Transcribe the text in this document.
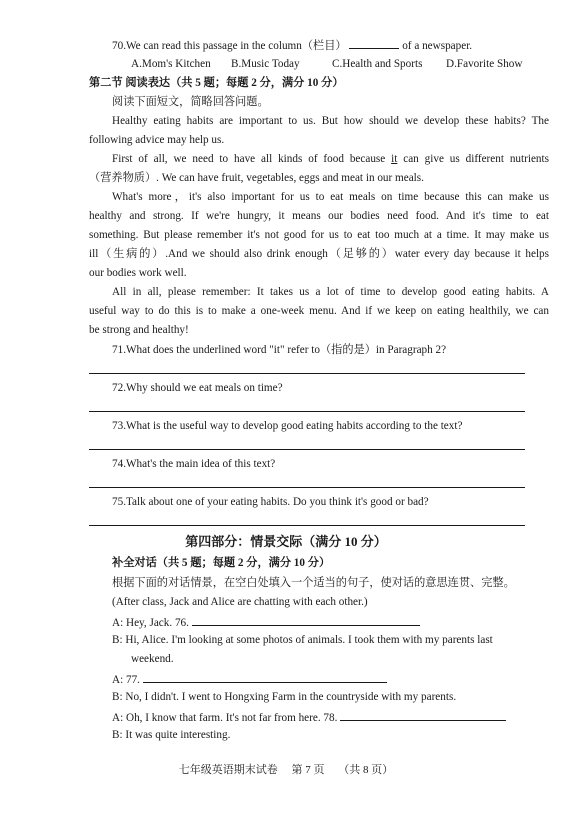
70.We can read this passage in the column（栏目）	of a newspaper.
A.Mom's Kitchen B.Music Today	C.Health and Sports D.Favorite Show
第二节 阅读表达（共 5 题；每题 2 分，满分 10 分）
阅读下面短文，简略回答问题。
Healthy eating habits are important to us. But how should we develop these habits? The
following advice may help us.
First of all, we need to have all kinds of food because it can give us different nutrients
（营养物质）. We can have fruit, vegetables, eggs and meat in our meals.
What's more，it's also important for us to eat meals on time because this can make us
healthy and strong. If we're hungry, it means our bodies need food. And it's time to eat
something. But please remember it's not good for us to eat too much at a time. It may make us
ill（生病的）.And we should also drink enough（足够的）water every day because it helps
our bodies work well.
All in all, please remember: It takes us a lot of time to develop good eating habits. A
useful way to do this is to make a one-week menu. And if we keep on eating healthily, we can
be strong and healthy!
71.What does the underlined word "it" refer to（指的是）in Paragraph 2?
72.Why should we eat meals on time?
73.What is the useful way to develop good eating habits according to the text?
74.What's the main idea of this text?
75.Talk about one of your eating habits. Do you think it's good or bad?
第四部分：情景交际（满分 10 分）
补全对话（共 5 题；每题 2 分，满分 10 分）
根据下面的对话情景，在空白处填入一个适当的句子，使对话的意思连贯、完整。
(After class, Jack and Alice are chatting with each other.)
A: Hey, Jack. 76.
B: Hi, Alice. I'm looking at some photos of animals. I took them with my parents last
weekend.
A: 77.
B: No, I didn't. I went to Hongxing Farm in the countryside with my parents.
A: Oh, I know that farm. It's not far from here. 78.
B: It was quite interesting.
七年级英语期末试卷　 第 7 页　 （共 8 页）
